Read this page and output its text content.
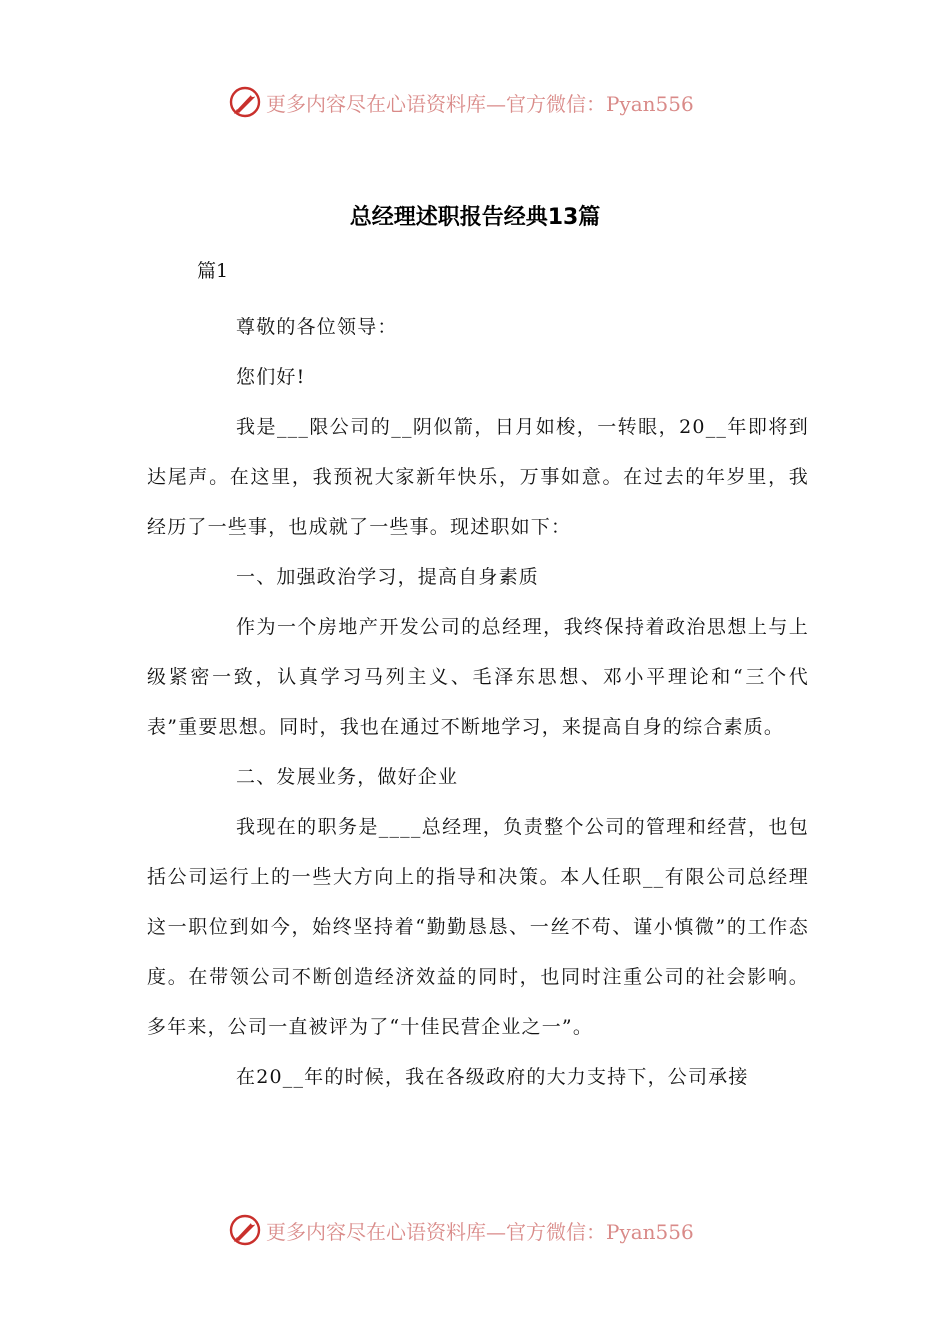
更多内容尽在心语资料库—官方微信：Pyan556
总经理述职报告经典13篇
篇1

尊敬的各位领导：

您们好!

我是___限公司的__阴似箭，日月如梭，一转眼，20__年即将到达尾声。在这里，我预祝大家新年快乐，万事如意。在过去的年岁里，我经历了一些事，也成就了一些事。现述职如下：

一、加强政治学习，提高自身素质

作为一个房地产开发公司的总经理，我终保持着政治思想上与上级紧密一致，认真学习马列主义、毛泽东思想、邓小平理论和“三个代表”重要思想。同时，我也在通过不断地学习，来提高自身的综合素质。

二、发展业务，做好企业

我现在的职务是____总经理，负责整个公司的管理和经营，也包括公司运行上的一些大方向上的指导和决策。本人任职__有限公司总经理这一职位到如今，始终坚持着“勤勤恳恳、一丝不苟、谨小慎微”的工作态度。在带领公司不断创造经济效益的同时，也同时注重公司的社会影响。多年来，公司一直被评为了“十佳民营企业之一”。

在20__年的时候，我在各级政府的大力支持下，公司承接

更多内容尽在心语资料库—官方微信：Pyan556
